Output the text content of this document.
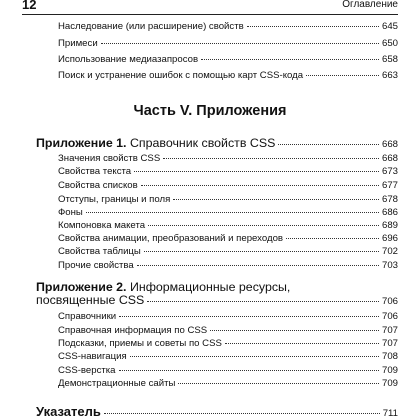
12	Оглавление
Наследование (или расширение) свойств	645
Примеси	650
Использование медиазапросов	658
Поиск и устранение ошибок с помощью карт CSS-кода	663
Часть V. Приложения
Приложение 1. Справочник свойств CSS	668
Значения свойств CSS	668
Свойства текста	673
Свойства списков	677
Отступы, границы и поля	678
Фоны	686
Компоновка макета	689
Свойства анимации, преобразований и переходов	696
Свойства таблицы	702
Прочие свойства	703
Приложение 2. Информационные ресурсы,
посвященные CSS	706
Справочники	706
Справочная информация по CSS	707
Подсказки, приемы и советы по CSS	707
CSS-навигация	708
CSS-верстка	709
Демонстрационные сайты	709
Указатель	711
